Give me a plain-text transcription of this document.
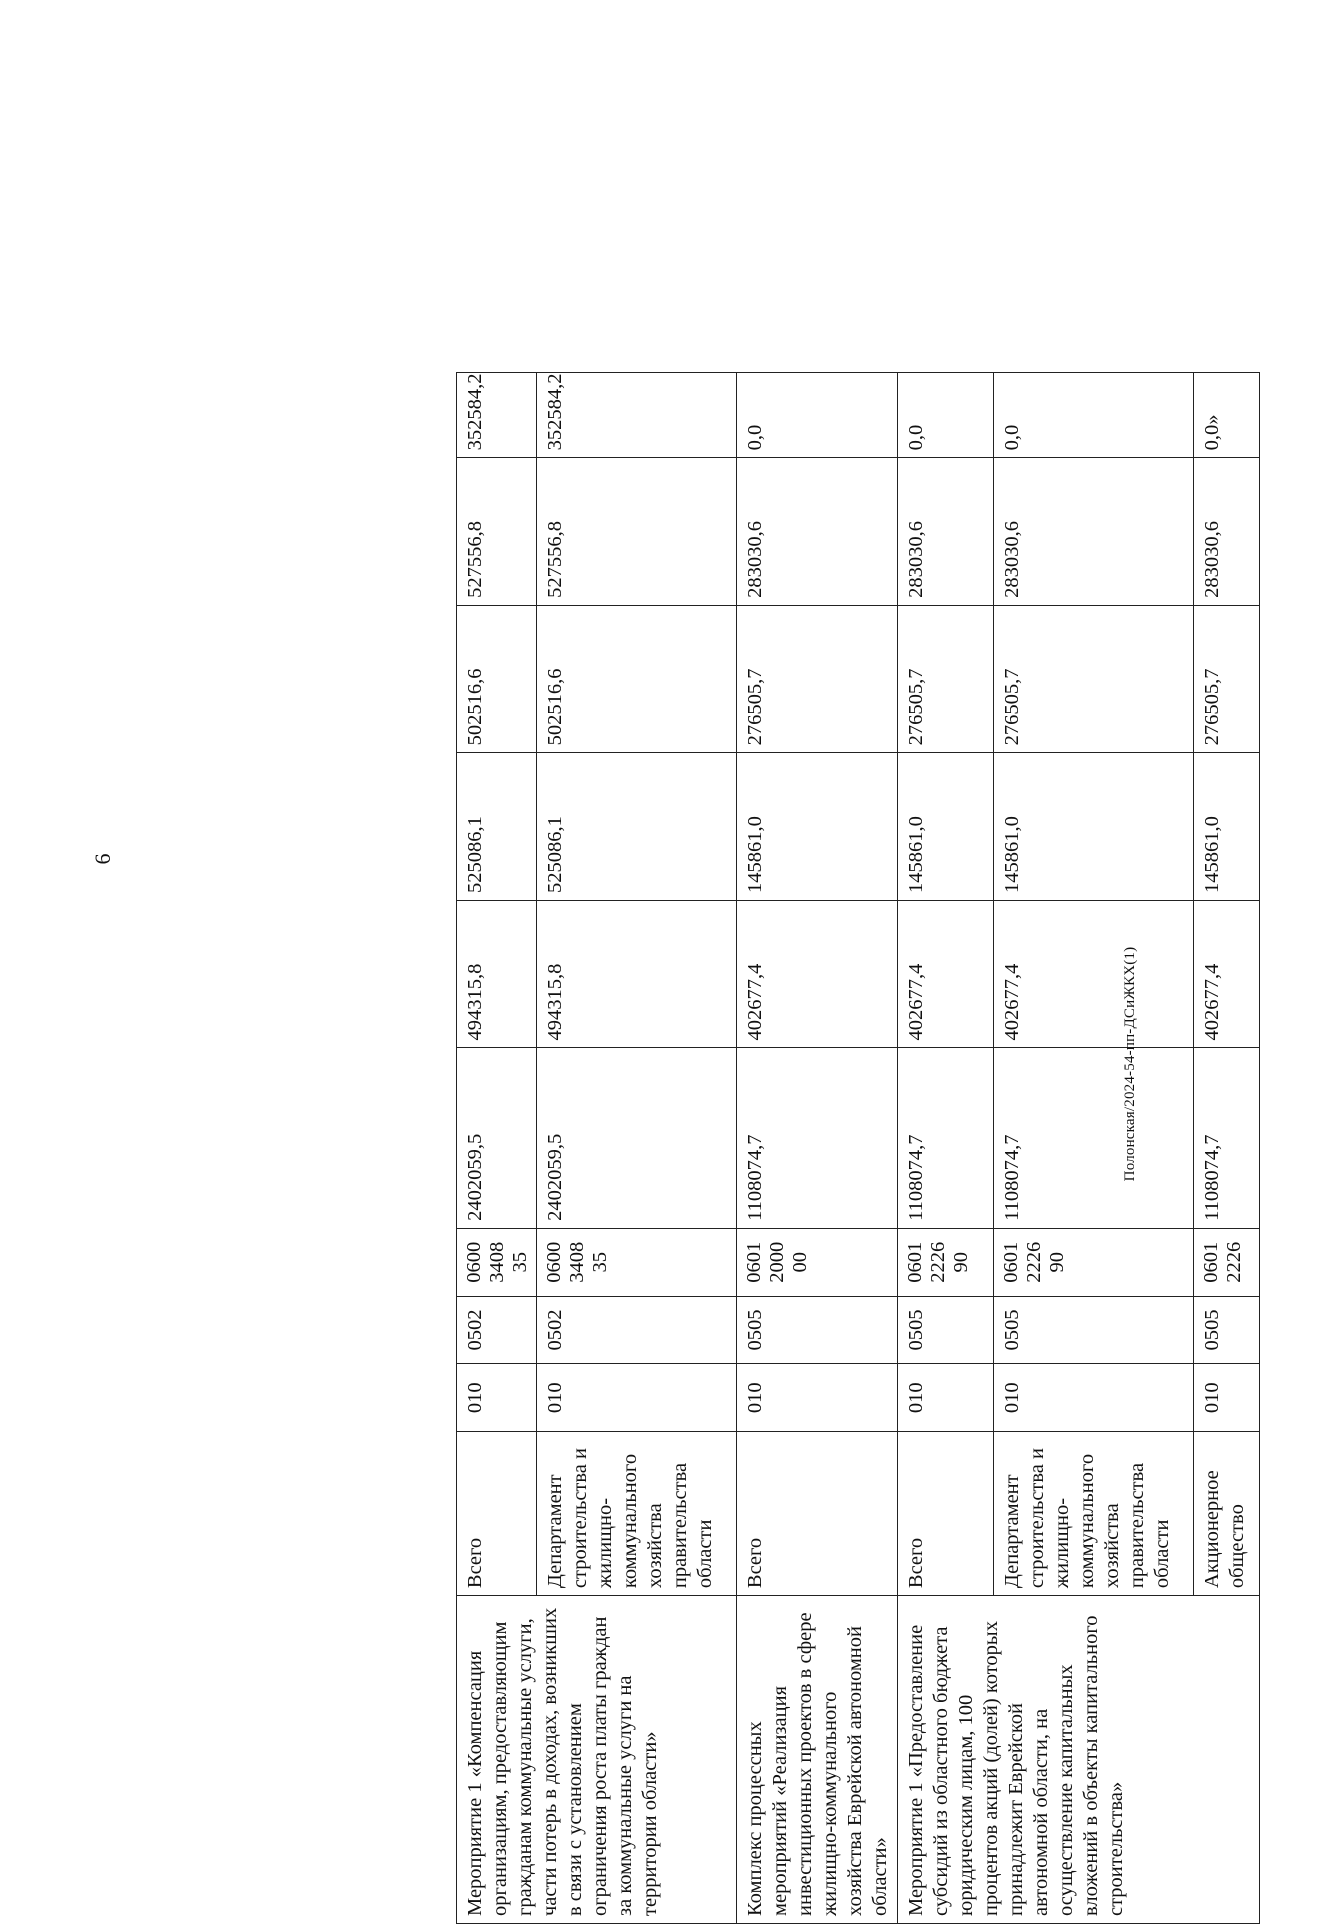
6
Мероприятие 1 «Компенсация организациям, предоставляющим гражданам коммунальные услуги, части потерь в доходах, возникших в связи с установлением ограничения роста платы граждан за коммунальные услуги на территории области»	Всего	010	0502	0600 3408 35	2402059,5	494315,8	525086,1	502516,6	527556,8	352584,2
	Департамент строительства и жилищно-коммунального хозяйства правительства области	010	0502	0600 3408 35	2402059,5	494315,8	525086,1	502516,6	527556,8	352584,2
Комплекс процессных мероприятий «Реализация инвестиционных проектов в сфере жилищно-коммунального хозяйства Еврейской автономной области»	Всего	010	0505	0601 2000 00	1108074,7	402677,4	145861,0	276505,7	283030,6	0,0
Мероприятие 1 «Предоставление субсидий из областного бюджета юридическим лицам, 100 процентов акций (долей) которых принадлежит Еврейской автономной области, на осуществление капитальных вложений в объекты капитального строительства»	Всего	010	0505	0601 2226 90	1108074,7	402677,4	145861,0	276505,7	283030,6	0,0
	Департамент строительства и жилищно-коммунального хозяйства правительства области	010	0505	0601 2226 90	1108074,7	402677,4	145861,0	276505,7	283030,6	0,0
	Акционерное общество	010	0505	0601 2226	1108074,7	402677,4	145861,0	276505,7	283030,6	0,0»
Полонская/2024-54-пп-ДСиЖКХ(1)
